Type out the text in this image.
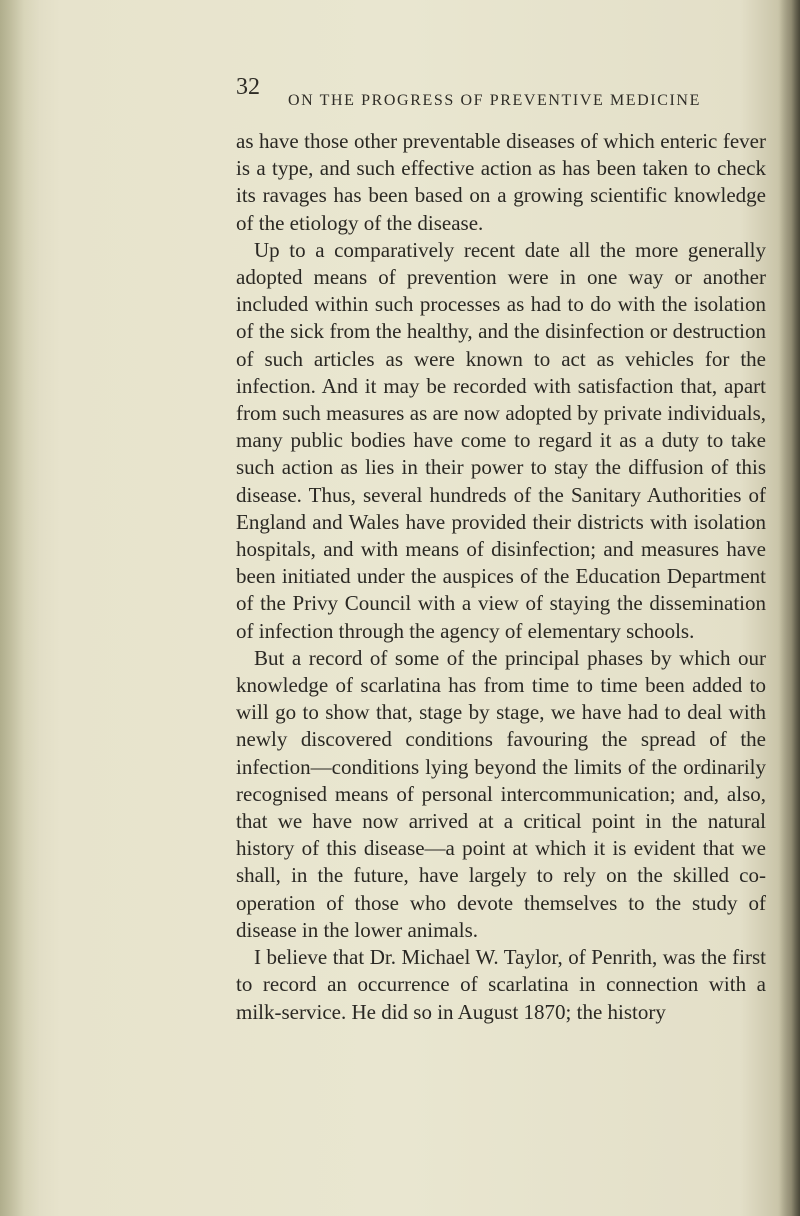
32
ON THE PROGRESS OF PREVENTIVE MEDICINE

as have those other preventable diseases of which enteric fever is a type, and such effective action as has been taken to check its ravages has been based on a growing scientific knowledge of the etiology of the disease.

Up to a comparatively recent date all the more generally adopted means of prevention were in one way or another included within such processes as had to do with the isolation of the sick from the healthy, and the disinfection or destruction of such articles as were known to act as vehicles for the infection. And it may be recorded with satisfaction that, apart from such measures as are now adopted by private individuals, many public bodies have come to regard it as a duty to take such action as lies in their power to stay the diffusion of this disease. Thus, several hundreds of the Sanitary Authorities of England and Wales have provided their districts with isolation hospitals, and with means of disinfection; and measures have been initiated under the auspices of the Education Department of the Privy Council with a view of staying the dissemination of infection through the agency of elementary schools.

But a record of some of the principal phases by which our knowledge of scarlatina has from time to time been added to will go to show that, stage by stage, we have had to deal with newly discovered conditions favouring the spread of the infection—conditions lying beyond the limits of the ordinarily recognised means of personal intercommunication; and, also, that we have now arrived at a critical point in the natural history of this disease—a point at which it is evident that we shall, in the future, have largely to rely on the skilled co-operation of those who devote themselves to the study of disease in the lower animals.

I believe that Dr. Michael W. Taylor, of Penrith, was the first to record an occurrence of scarlatina in connection with a milk-service. He did so in August 1870; the history
